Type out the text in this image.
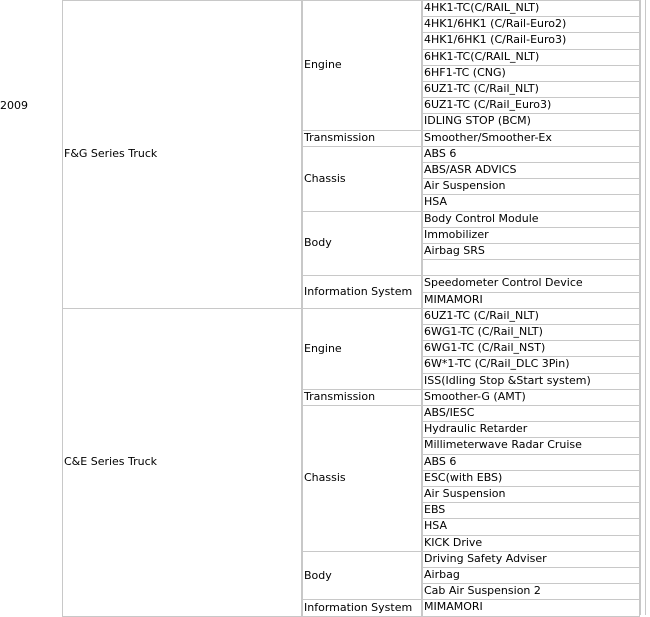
2009
4HK1-TC(C/RAIL_NLT)
4HK1/6HK1 (C/Rail-Euro2)
4HK1/6HK1 (C/Rail-Euro3)
6HK1-TC(C/RAIL_NLT)
6HF1-TC (CNG)
6UZ1-TC (C/Rail_NLT)
6UZ1-TC (C/Rail_Euro3)
IDLING STOP (BCM)
Engine
Smoother/Smoother-Ex
Transmission
ABS 6
ABS/ASR ADVICS
Air Suspension
HSA
Chassis
Body Control Module
Immobilizer
Airbag SRS
Body
Speedometer Control Device
MIMAMORI
Information System
F&G Series Truck
6UZ1-TC (C/Rail_NLT)
6WG1-TC (C/Rail_NLT)
6WG1-TC (C/Rail_NST)
6W*1-TC (C/Rail_DLC 3Pin)
ISS(Idling Stop &Start system)
Engine
Smoother-G (AMT)
Transmission
ABS/IESC
Hydraulic Retarder
Millimeterwave Radar Cruise
ABS 6
ESC(with EBS)
Air Suspension
EBS
HSA
KICK Drive
Chassis
Driving Safety Adviser
Airbag
Cab Air Suspension 2
Body
MIMAMORI
Information System
C&E Series Truck
